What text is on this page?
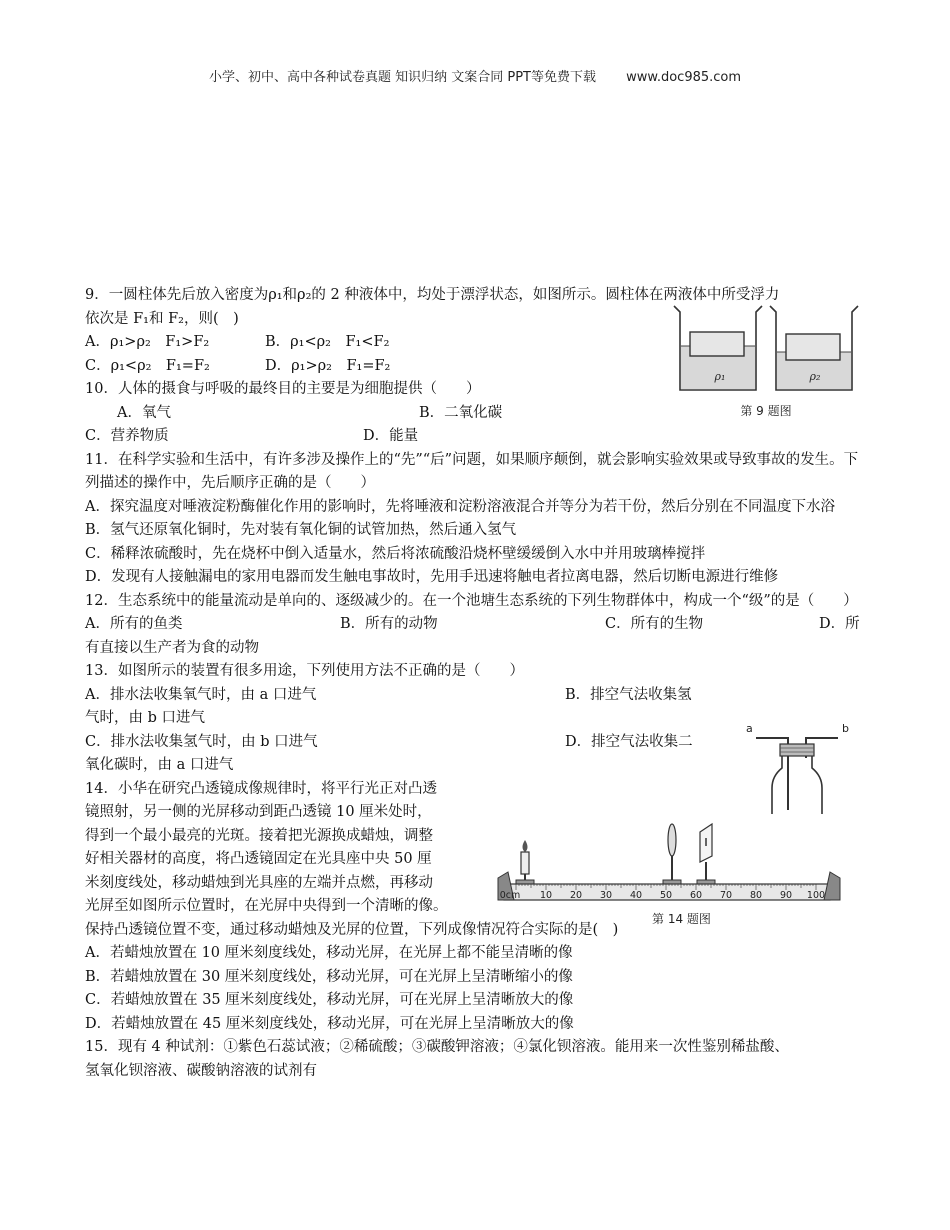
小学、初中、高中各种试卷真题 知识归纳 文案合同 PPT等免费下载 www.doc985.com
9．一圆柱体先后放入密度为ρ₁和ρ₂的 2 种液体中，均处于漂浮状态，如图所示。圆柱体在两液体中所受浮力
依次是 F₁和 F₂，则(　)
A．ρ₁>ρ₂　F₁>F₂	B．ρ₁<ρ₂　F₁<F₂
C．ρ₁<ρ₂　F₁=F₂	D．ρ₁>ρ₂　F₁=F₂
10．人体的摄食与呼吸的最终目的主要是为细胞提供（　　）
A．氧气	B．二氧化碳
C．营养物质	D．能量
11．在科学实验和生活中，有许多涉及操作上的“先”“后”问题，如果顺序颠倒，就会影响实验效果或导致事故的发生。下列描述的操作中，先后顺序正确的是（　　）
A．探究温度对唾液淀粉酶催化作用的影响时，先将唾液和淀粉溶液混合并等分为若干份，然后分别在不同温度下水浴
B．氢气还原氧化铜时，先对装有氧化铜的试管加热，然后通入氢气
C．稀释浓硫酸时，先在烧杯中倒入适量水，然后将浓硫酸沿烧杯壁缓缓倒入水中并用玻璃棒搅拌
D．发现有人接触漏电的家用电器而发生触电事故时，先用手迅速将触电者拉离电器，然后切断电源进行维修
12．生态系统中的能量流动是单向的、逐级减少的。在一个池塘生态系统的下列生物群体中，构成一个“级”的是（　　）
A．所有的鱼类	B．所有的动物	C．所有的生物	D．所
有直接以生产者为食的动物
13．如图所示的装置有很多用途，下列使用方法不正确的是（　　）
A．排水法收集氧气时，由 a 口进气	B．排空气法收集氢
气时，由 b 口进气
C．排水法收集氢气时，由 b 口进气	D．排空气法收集二
氧化碳时，由 a 口进气
14．小华在研究凸透镜成像规律时，将平行光正对凸透
镜照射，另一侧的光屏移动到距凸透镜 10 厘米处时，
得到一个最小最亮的光斑。接着把光源换成蜡烛，调整
好相关器材的高度，将凸透镜固定在光具座中央 50 厘
米刻度线处，移动蜡烛到光具座的左端并点燃，再移动
光屏至如图所示位置时，在光屏中央得到一个清晰的像。
保持凸透镜位置不变，通过移动蜡烛及光屏的位置，下列成像情况符合实际的是(　)
A．若蜡烛放置在 10 厘米刻度线处，移动光屏，在光屏上都不能呈清晰的像
B．若蜡烛放置在 30 厘米刻度线处，移动光屏，可在光屏上呈清晰缩小的像
C．若蜡烛放置在 35 厘米刻度线处，移动光屏，可在光屏上呈清晰放大的像
D．若蜡烛放置在 45 厘米刻度线处，移动光屏，可在光屏上呈清晰放大的像
15．现有 4 种试剂：①紫色石蕊试液；②稀硫酸；③碳酸钾溶液；④氯化钡溶液。能用来一次性鉴别稀盐酸、
氢氧化钡溶液、碳酸钠溶液的试剂有
ρ₁	ρ₂
第 9 题图
a	b
0cm 10 20 30 40 50 60 70 80 90 100
第 14 题图
